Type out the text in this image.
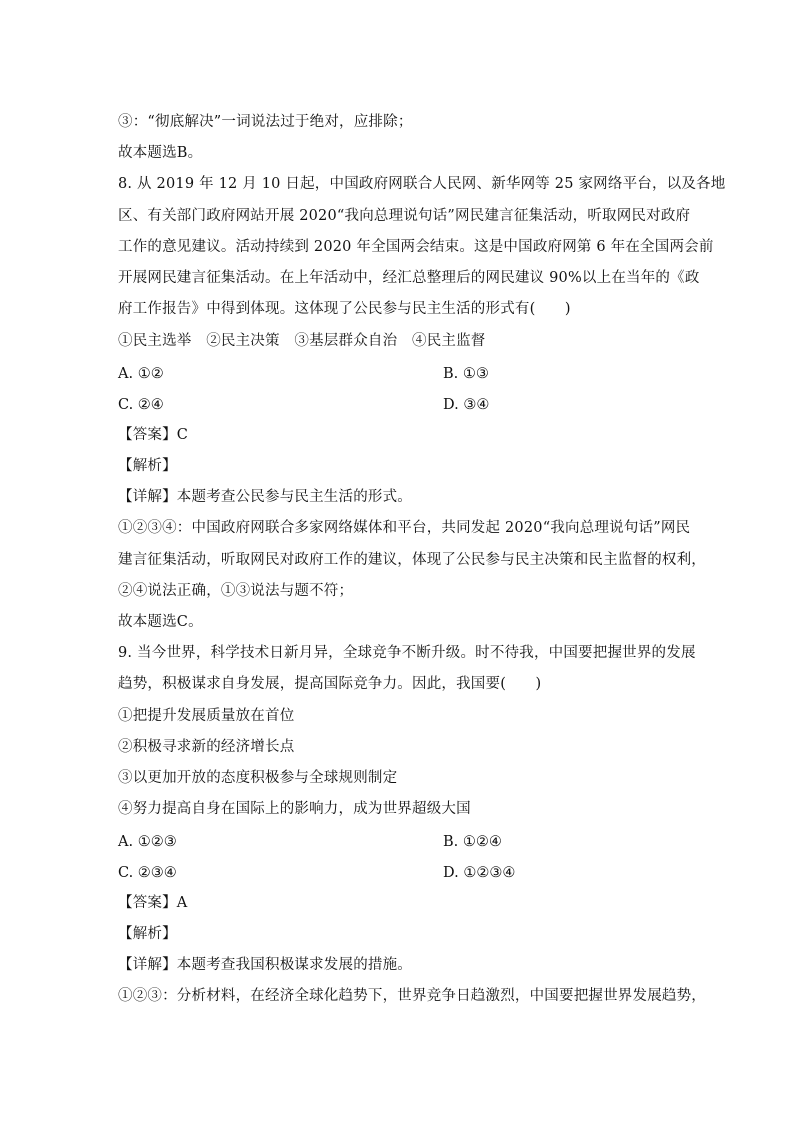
③：“彻底解决”一词说法过于绝对，应排除；
故本题选B。
8. 从 2019 年 12 月 10 日起，中国政府网联合人民网、新华网等 25 家网络平台，以及各地
区、有关部门政府网站开展 2020“我向总理说句话”网民建言征集活动，听取网民对政府
工作的意见建议。活动持续到 2020 年全国两会结束。这是中国政府网第 6 年在全国两会前
开展网民建言征集活动。在上年活动中，经汇总整理后的网民建议 90%以上在当年的《政
府工作报告》中得到体现。这体现了公民参与民主生活的形式有(　　)
①民主选举　②民主决策　③基层群众自治　④民主监督
A. ①②	B. ①③
C. ②④	D. ③④
【答案】C
【解析】
【详解】本题考查公民参与民主生活的形式。
①②③④：中国政府网联合多家网络媒体和平台，共同发起 2020“我向总理说句话”网民
建言征集活动，听取网民对政府工作的建议，体现了公民参与民主决策和民主监督的权利，
②④说法正确，①③说法与题不符；
故本题选C。
9. 当今世界，科学技术日新月异，全球竞争不断升级。时不待我，中国要把握世界的发展
趋势，积极谋求自身发展，提高国际竞争力。因此，我国要(　　)
①把提升发展质量放在首位
②积极寻求新的经济增长点
③以更加开放的态度积极参与全球规则制定
④努力提高自身在国际上的影响力，成为世界超级大国
A. ①②③	B. ①②④
C. ②③④	D. ①②③④
【答案】A
【解析】
【详解】本题考查我国积极谋求发展的措施。
①②③：分析材料，在经济全球化趋势下，世界竞争日趋激烈，中国要把握世界发展趋势，
